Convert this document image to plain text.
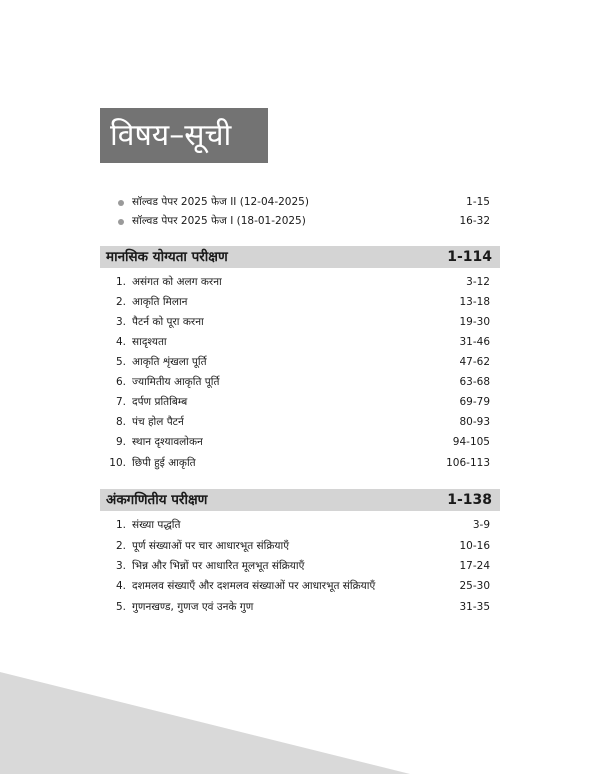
विषय–सूची
सॉल्वड पेपर 2025 फेज II (12-04-2025)	1-15
सॉल्वड पेपर 2025 फेज I (18-01-2025)	16-32
मानसिक योग्यता परीक्षण	1-114
1. असंगत को अलग करना	3-12
2. आकृति मिलान	13-18
3. पैटर्न को पूरा करना	19-30
4. सादृश्यता	31-46
5. आकृति शृंखला पूर्ति	47-62
6. ज्यामितीय आकृति पूर्ति	63-68
7. दर्पण प्रतिबिम्ब	69-79
8. पंच होल पैटर्न	80-93
9. स्थान दृश्यावलोकन	94-105
10. छिपी हुई आकृति	106-113
अंकगणितीय परीक्षण	1-138
1. संख्या पद्धति	3-9
2. पूर्ण संख्याओं पर चार आधारभूत संक्रियाएँ	10-16
3. भिन्न और भिन्नों पर आधारित मूलभूत संक्रियाएँ	17-24
4. दशमलव संख्याएँ और दशमलव संख्याओं पर आधारभूत संक्रियाएँ	25-30
5. गुणनखण्ड, गुणज एवं उनके गुण	31-35
